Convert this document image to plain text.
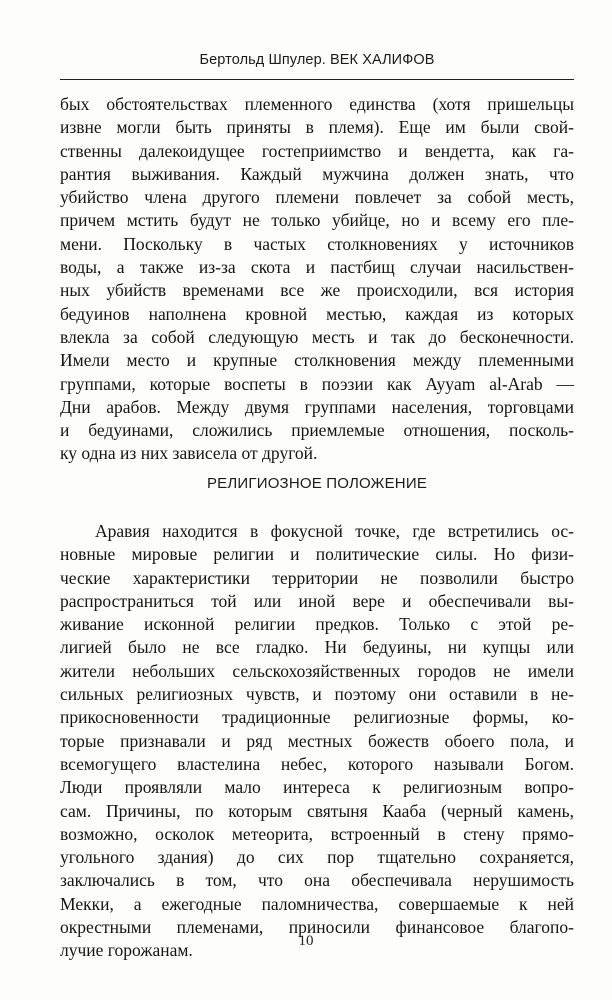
Бертольд Шпулер. ВЕК ХАЛИФОВ
бых обстоятельствах племенного единства (хотя пришельцы
извне могли быть приняты в племя). Еще им были свой-
ственны далекоидущее гостеприимство и вендетта, как га-
рантия выживания. Каждый мужчина должен знать, что
убийство члена другого племени повлечет за собой месть,
причем мстить будут не только убийце, но и всему его пле-
мени. Поскольку в частых столкновениях у источников
воды, а также из-за скота и пастбищ случаи насильствен-
ных убийств временами все же происходили, вся история
бедуинов наполнена кровной местью, каждая из которых
влекла за собой следующую месть и так до бесконечности.
Имели место и крупные столкновения между племенными
группами, которые воспеты в поэзии как Ayyam al-Arab —
Дни арабов. Между двумя группами населения, торговцами
и бедуинами, сложились приемлемые отношения, посколь-
ку одна из них зависела от другой.
РЕЛИГИОЗНОЕ ПОЛОЖЕНИЕ
Аравия находится в фокусной точке, где встретились ос-
новные мировые религии и политические силы. Но физи-
ческие характеристики территории не позволили быстро
распространиться той или иной вере и обеспечивали вы-
живание исконной религии предков. Только с этой ре-
лигией было не все гладко. Ни бедуины, ни купцы или
жители небольших сельскохозяйственных городов не имели
сильных религиозных чувств, и поэтому они оставили в не-
прикосновенности традиционные религиозные формы, ко-
торые признавали и ряд местных божеств обоего пола, и
всемогущего властелина небес, которого называли Богом.
Люди проявляли мало интереса к религиозным вопро-
сам. Причины, по которым святыня Кааба (черный камень,
возможно, осколок метеорита, встроенный в стену прямо-
угольного здания) до сих пор тщательно сохраняется,
заключались в том, что она обеспечивала нерушимость
Мекки, а ежегодные паломничества, совершаемые к ней
окрестными племенами, приносили финансовое благопо-
лучие горожанам.	10
